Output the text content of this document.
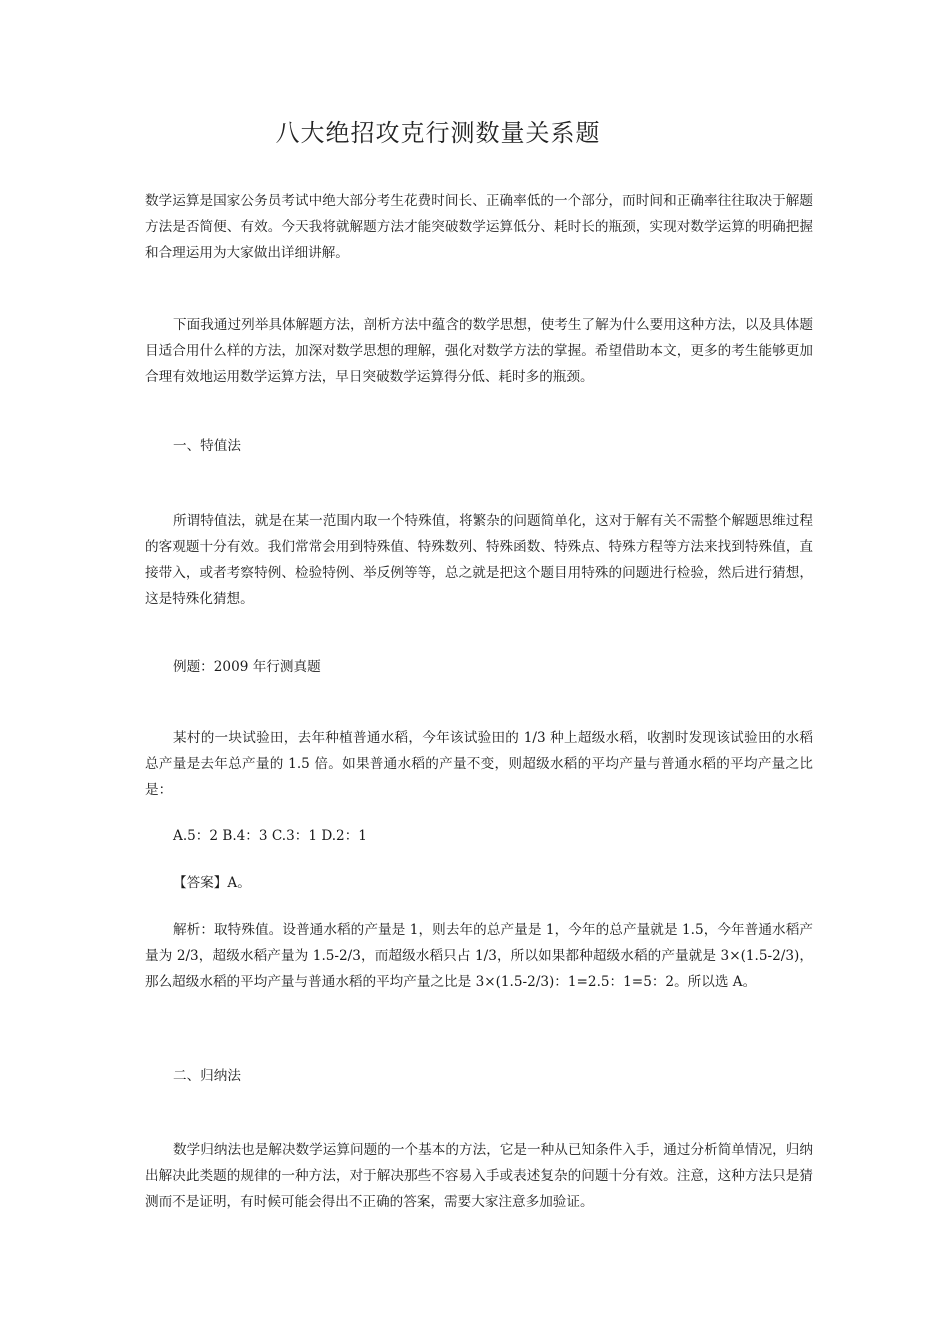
八大绝招攻克行测数量关系题

数学运算是国家公务员考试中绝大部分考生花费时间长、正确率低的一个部分，而时间和正确率往往取决于解题方法是否简便、有效。今天我将就解题方法才能突破数学运算低分、耗时长的瓶颈，实现对数学运算的明确把握和合理运用为大家做出详细讲解。

下面我通过列举具体解题方法，剖析方法中蕴含的数学思想，使考生了解为什么要用这种方法，以及具体题目适合用什么样的方法，加深对数学思想的理解，强化对数学方法的掌握。希望借助本文，更多的考生能够更加合理有效地运用数学运算方法，早日突破数学运算得分低、耗时多的瓶颈。

一、特值法

所谓特值法，就是在某一范围内取一个特殊值，将繁杂的问题简单化，这对于解有关不需整个解题思维过程的客观题十分有效。我们常常会用到特殊值、特殊数列、特殊函数、特殊点、特殊方程等方法来找到特殊值，直接带入，或者考察特例、检验特例、举反例等等，总之就是把这个题目用特殊的问题进行检验，然后进行猜想，这是特殊化猜想。

例题：2009 年行测真题

某村的一块试验田，去年种植普通水稻，今年该试验田的 1/3 种上超级水稻，收割时发现该试验田的水稻总产量是去年总产量的 1.5 倍。如果普通水稻的产量不变，则超级水稻的平均产量与普通水稻的平均产量之比是：

A.5：2 B.4：3 C.3：1 D.2：1

【答案】A。

解析：取特殊值。设普通水稻的产量是 1，则去年的总产量是 1，今年的总产量就是 1.5，今年普通水稻产量为 2/3，超级水稻产量为 1.5-2/3，而超级水稻只占 1/3，所以如果都种超级水稻的产量就是 3×(1.5-2/3)，那么超级水稻的平均产量与普通水稻的平均产量之比是 3×(1.5-2/3)：1=2.5：1=5：2。所以选 A。

二、归纳法

数学归纳法也是解决数学运算问题的一个基本的方法，它是一种从已知条件入手，通过分析简单情况，归纳出解决此类题的规律的一种方法，对于解决那些不容易入手或表述复杂的问题十分有效。注意，这种方法只是猜测而不是证明，有时候可能会得出不正确的答案，需要大家注意多加验证。
